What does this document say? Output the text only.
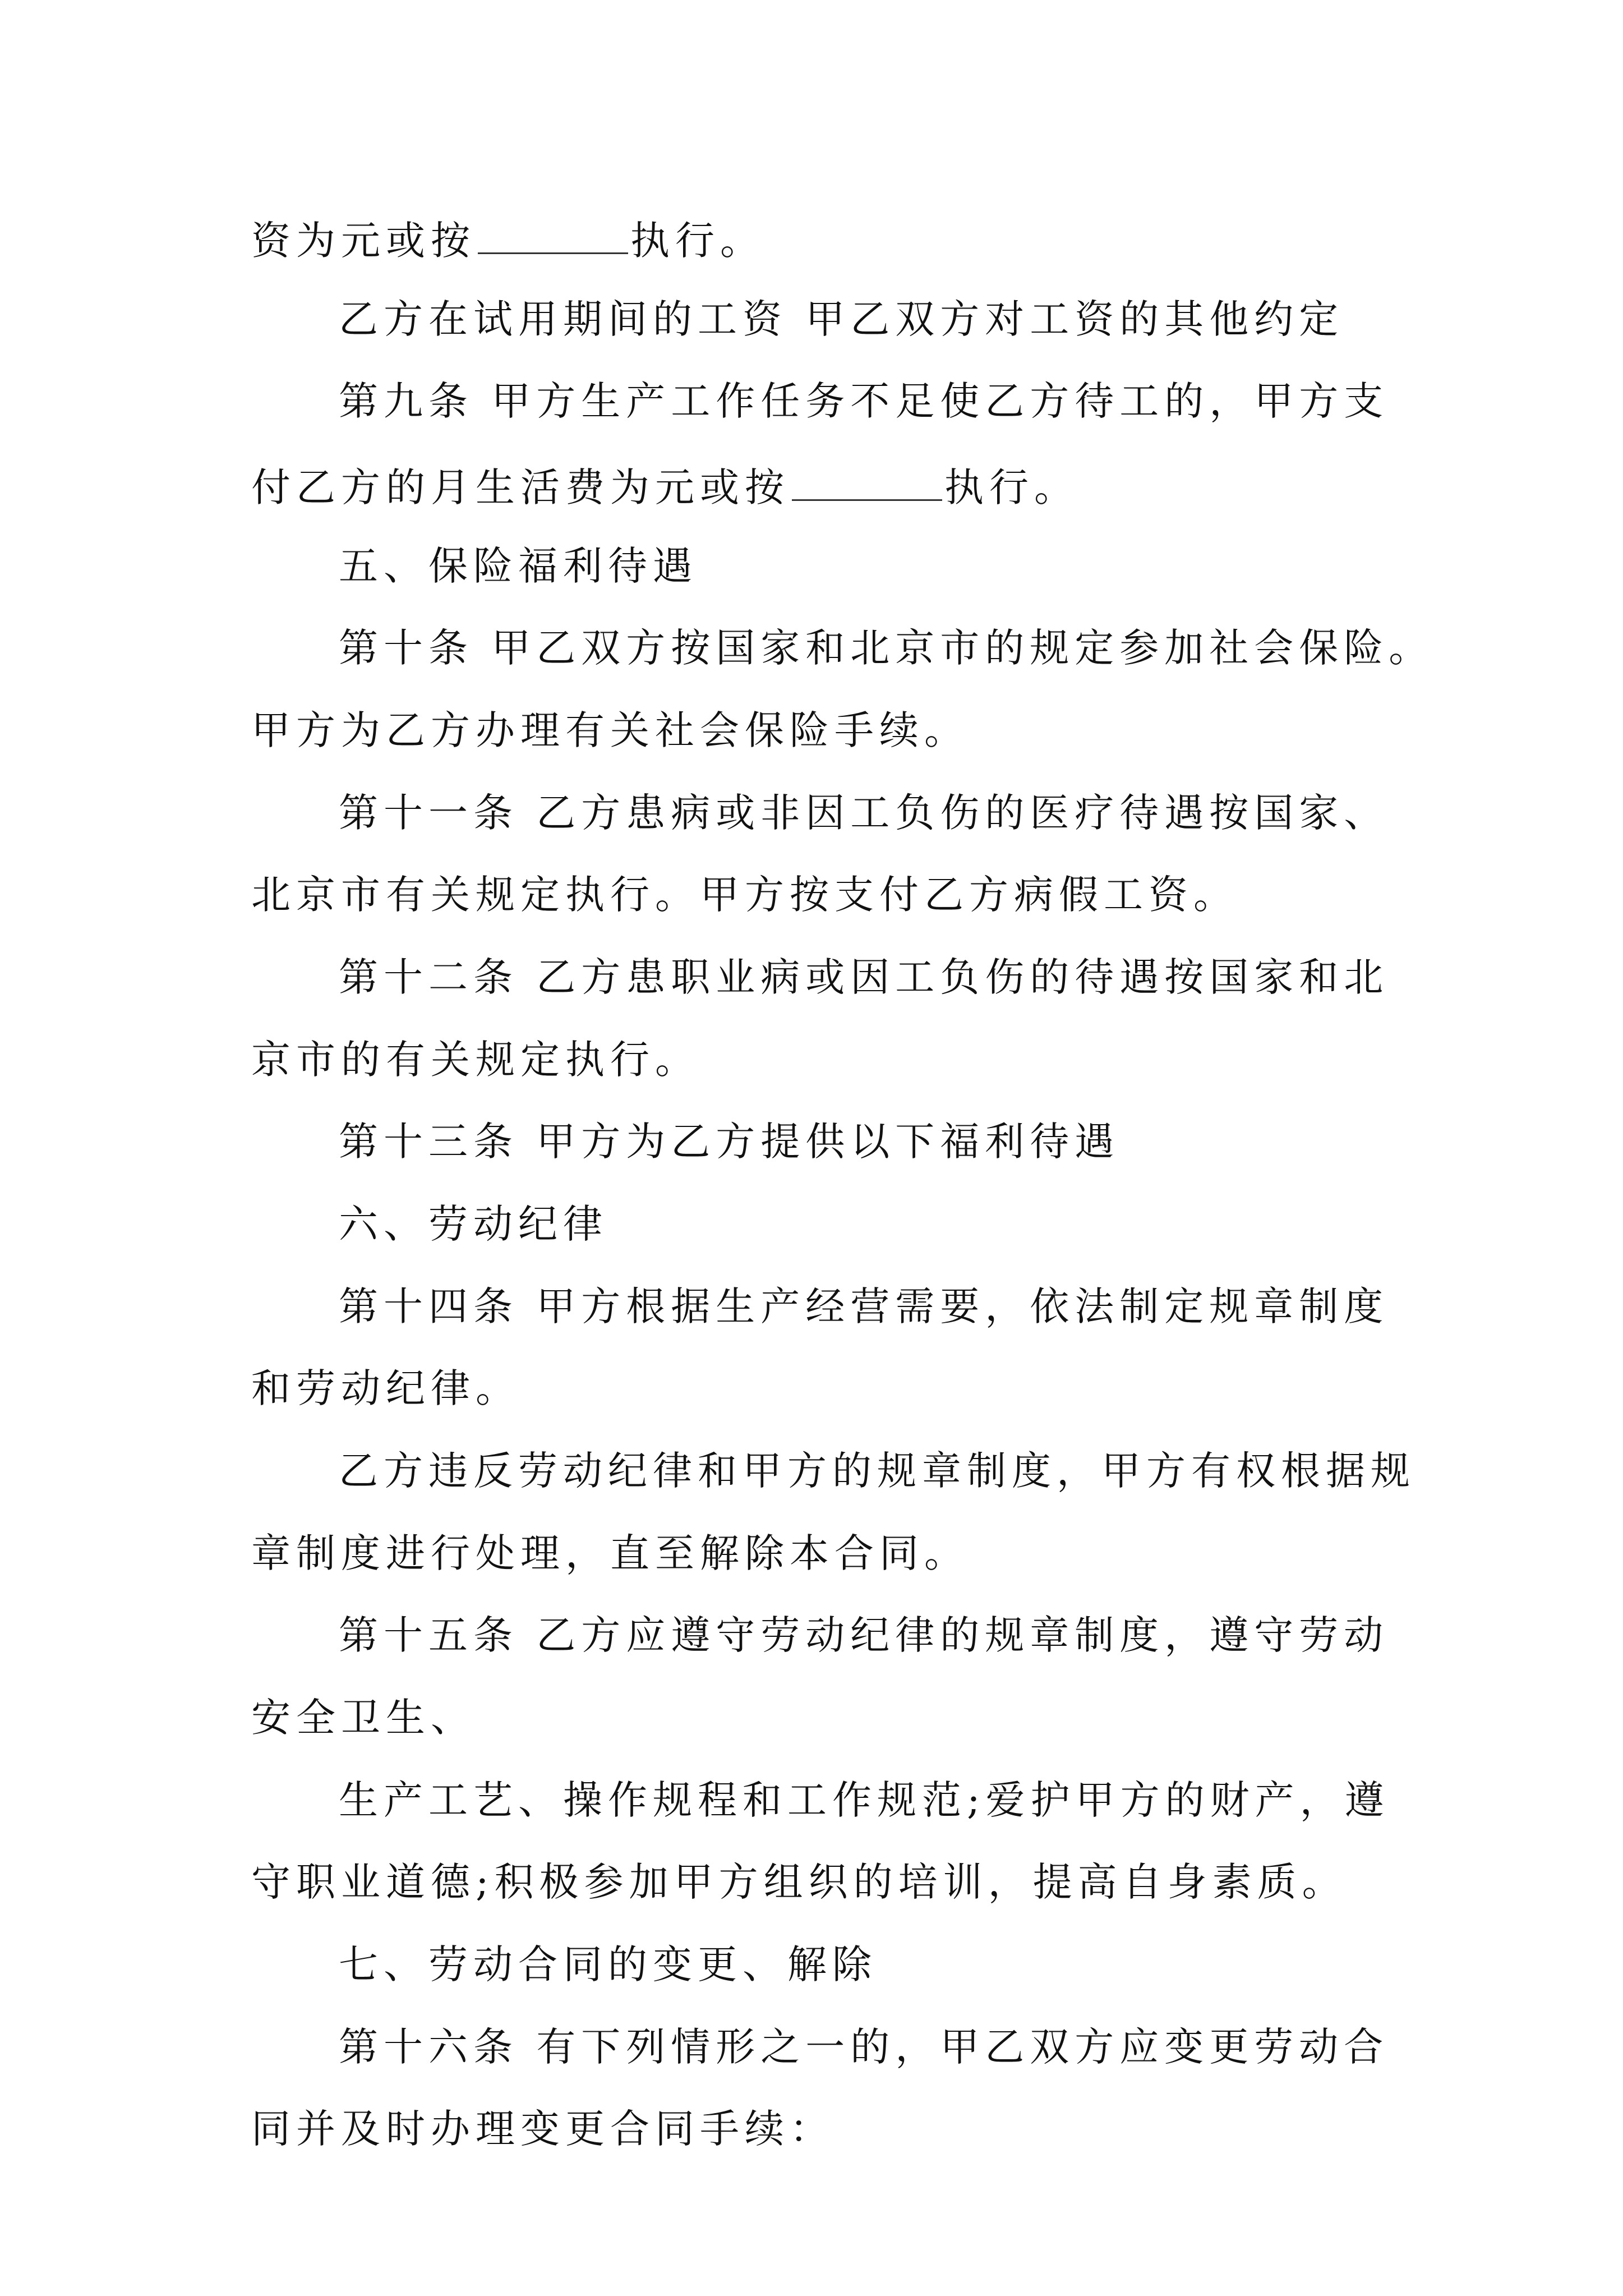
资为元或按	执行。

乙方在试用期间的工资 甲乙双方对工资的其他约定

第九条 甲方生产工作任务不足使乙方待工的，甲方支

付乙方的月生活费为元或按	执行。

五、保险福利待遇

第十条 甲乙双方按国家和北京市的规定参加社会保险。

甲方为乙方办理有关社会保险手续。

第十一条 乙方患病或非因工负伤的医疗待遇按国家、

北京市有关规定执行。甲方按支付乙方病假工资。

第十二条 乙方患职业病或因工负伤的待遇按国家和北

京市的有关规定执行。

第十三条 甲方为乙方提供以下福利待遇

六、劳动纪律

第十四条 甲方根据生产经营需要，依法制定规章制度

和劳动纪律。

乙方违反劳动纪律和甲方的规章制度，甲方有权根据规

章制度进行处理，直至解除本合同。

第十五条 乙方应遵守劳动纪律的规章制度，遵守劳动

安全卫生、

生产工艺、操作规程和工作规范;爱护甲方的财产，遵

守职业道德;积极参加甲方组织的培训，提高自身素质。

七、劳动合同的变更、解除

第十六条 有下列情形之一的，甲乙双方应变更劳动合

同并及时办理变更合同手续：
